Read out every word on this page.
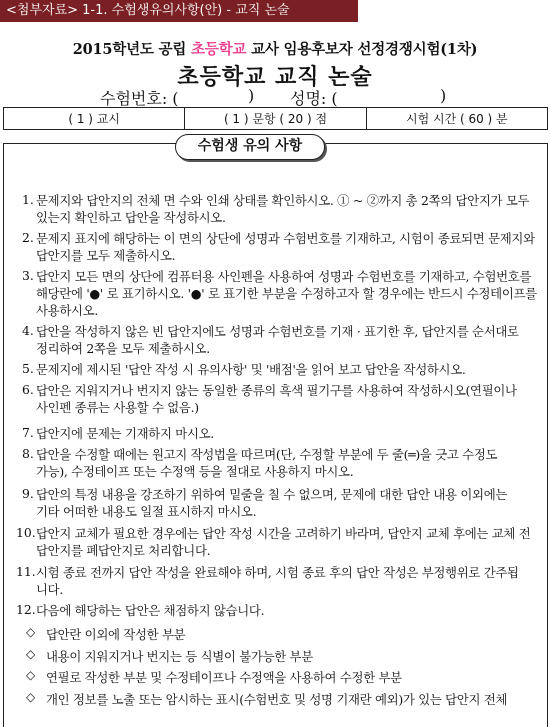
<첨부자료> 1-1. 수험생유의사항(안) - 교직 논술
2015학년도 공립 초등학교 교사 임용후보자 선정경쟁시험(1차)
초등학교 교직 논술
수험번호: (	) 성명: (	)
( 1 ) 교시	( 1 ) 문항 ( 20 ) 점	시험 시간 ( 60 ) 분
수험생 유의 사항
1. 문제지와 답안지의 전체 면 수와 인쇄 상태를 확인하시오. ① ~ ②까지 총 2쪽의 답안지가 모두
있는지 확인하고 답안을 작성하시오.
2. 문제지 표지에 해당하는 이 면의 상단에 성명과 수험번호를 기재하고, 시험이 종료되면 문제지와
답안지를 모두 제출하시오.
3. 답안지 모든 면의 상단에 컴퓨터용 사인펜을 사용하여 성명과 수험번호를 기재하고, 수험번호를
해당란에 '●' 로 표기하시오. '●' 로 표기한 부분을 수정하고자 할 경우에는 반드시 수정테이프를
사용하시오.
4. 답안을 작성하지 않은 빈 답안지에도 성명과 수험번호를 기재 · 표기한 후, 답안지를 순서대로
정리하여 2쪽을 모두 제출하시오.
5. 문제지에 제시된 '답안 작성 시 유의사항' 및 '배점'을 읽어 보고 답안을 작성하시오.
6. 답안은 지워지거나 번지지 않는 동일한 종류의 흑색 필기구를 사용하여 작성하시오(연필이나
사인펜 종류는 사용할 수 없음.)
7. 답안지에 문제는 기재하지 마시오.
8. 답안을 수정할 때에는 원고지 작성법을 따르며(단, 수정할 부분에 두 줄(═)을 긋고 수정도
가능), 수정테이프 또는 수정액 등을 절대로 사용하지 마시오.
9. 답안의 특정 내용을 강조하기 위하여 밑줄을 칠 수 없으며, 문제에 대한 답안 내용 이외에는
기타 어떠한 내용도 일절 표시하지 마시오.
10. 답안지 교체가 필요한 경우에는 답안 작성 시간을 고려하기 바라며, 답안지 교체 후에는 교체 전
답안지를 폐답안지로 처리합니다.
11. 시험 종료 전까지 답안 작성을 완료해야 하며, 시험 종료 후의 답안 작성은 부정행위로 간주됩
니다.
12. 다음에 해당하는 답안은 채점하지 않습니다.
◇ 답안란 이외에 작성한 부분
◇ 내용이 지워지거나 번지는 등 식별이 불가능한 부분
◇ 연필로 작성한 부분 및 수정테이프나 수정액을 사용하여 수정한 부분
◇ 개인 정보를 노출 또는 암시하는 표시(수험번호 및 성명 기재란 예외)가 있는 답안지 전체
